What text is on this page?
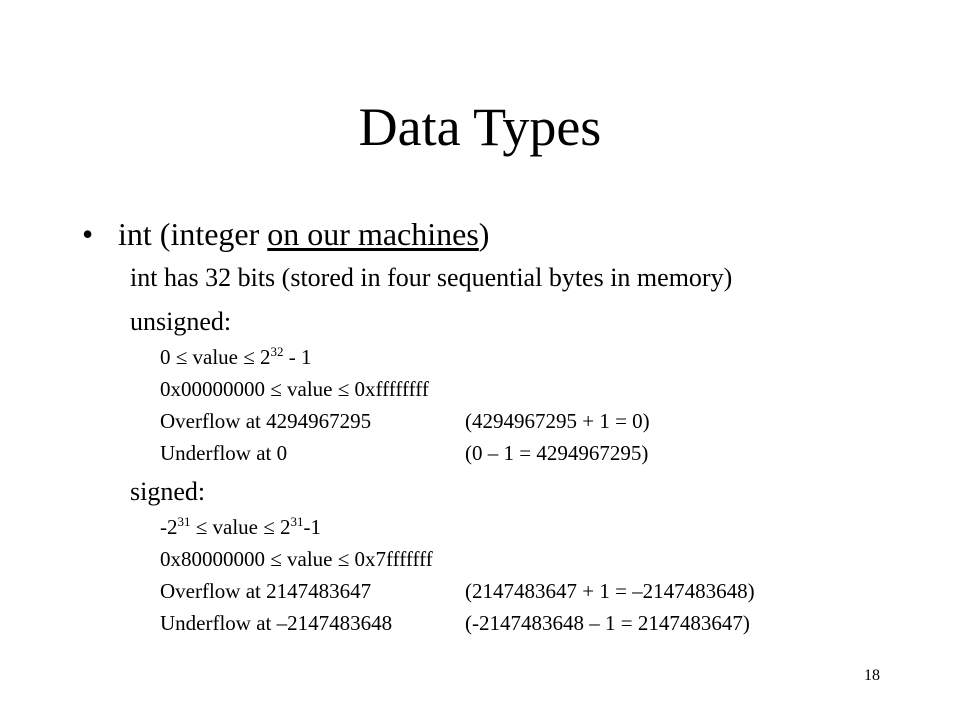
Data Types
• int (integer on our machines)
int has 32 bits (stored in four sequential bytes in memory)
unsigned:
0 ≤ value ≤ $2^{32} - 1$
0x00000000 ≤ value ≤ 0xffffffff
Overflow at 4294967295	(4294967295 + 1 = 0)
Underflow at 0	(0 – 1 = 4294967295)
signed:
$-2^{31}$ ≤ value ≤ $2^{31}-1$
0x80000000 ≤ value ≤ 0x7fffffff
Overflow at 2147483647	(2147483647 + 1 = –2147483648)
Underflow at –2147483648	(-2147483648 – 1 = 2147483647)
18
